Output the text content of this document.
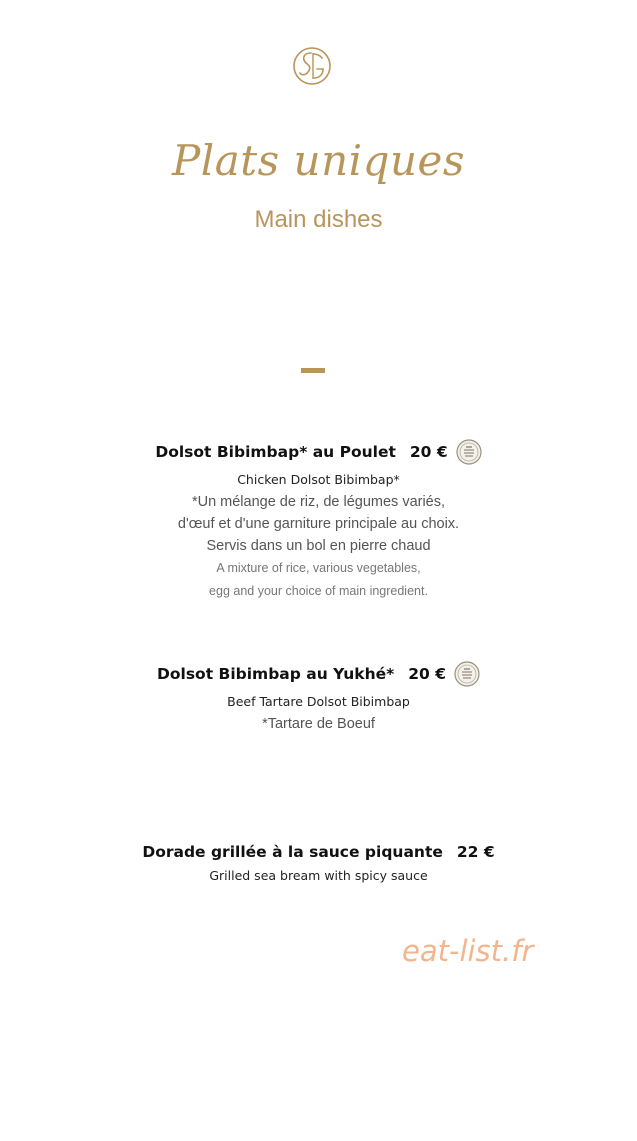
Plats uniques
Main dishes
Dolsot Bibimbap* au Poulet 20 €
Chicken Dolsot Bibimbap*
*Un mélange de riz, de légumes variés,
d'œuf et d'une garniture principale au choix.
Servis dans un bol en pierre chaud
A mixture of rice, various vegetables,
egg and your choice of main ingredient.
Dolsot Bibimbap au Yukhé* 20 €
Beef Tartare Dolsot Bibimbap
*Tartare de Boeuf
Dorade grillée à la sauce piquante 22 €
Grilled sea bream with spicy sauce
eat-list.fr
